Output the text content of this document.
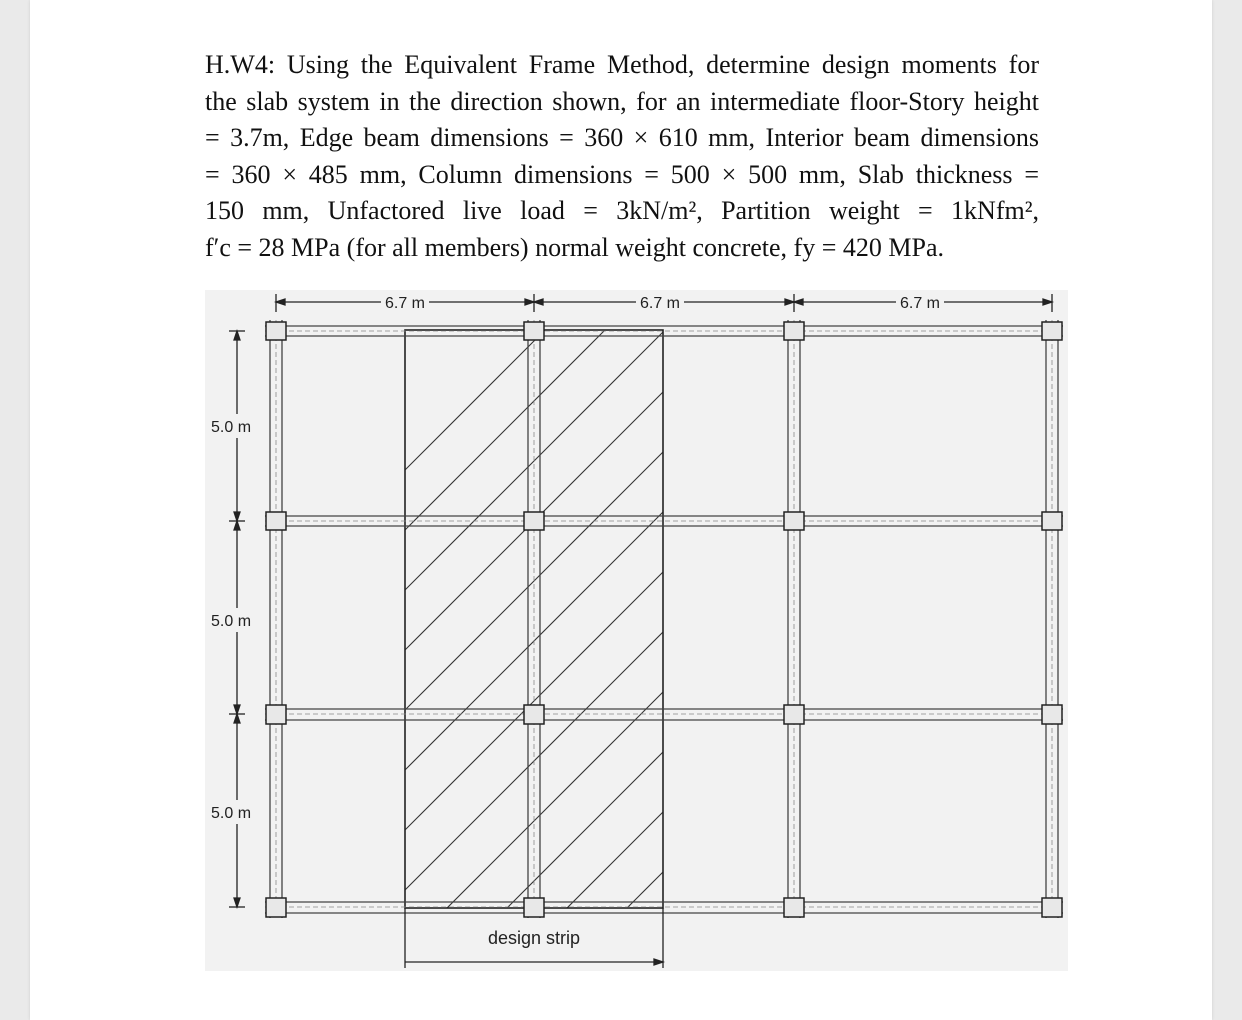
H.W4: Using the Equivalent Frame Method, determine design moments for
the slab system in the direction shown, for an intermediate floor-Story height
= 3.7m, Edge beam dimensions = 360 × 610 mm, Interior beam dimensions
= 360 × 485 mm, Column dimensions = 500 × 500 mm, Slab thickness =
150 mm, Unfactored live load = 3kN/m², Partition weight = 1kNfm²,
f′c = 28 MPa (for all members) normal weight concrete, fy = 420 MPa.
6.7 m	6.7 m	6.7 m
5.0 m
5.0 m
5.0 m
design strip
